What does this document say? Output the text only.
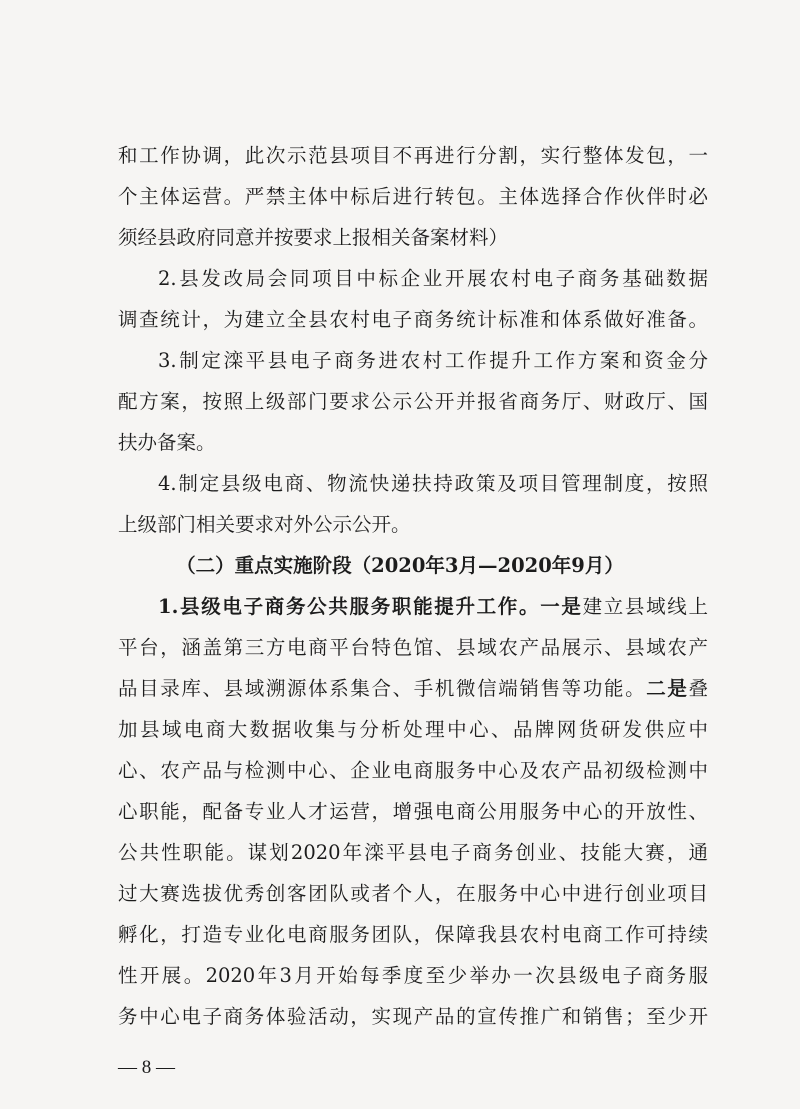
和工作协调，此次示范县项目不再进行分割，实行整体发包，一
个主体运营。严禁主体中标后进行转包。主体选择合作伙伴时必
须经县政府同意并按要求上报相关备案材料）
2.县发改局会同项目中标企业开展农村电子商务基础数据
调查统计，为建立全县农村电子商务统计标准和体系做好准备。
3.制定滦平县电子商务进农村工作提升工作方案和资金分
配方案，按照上级部门要求公示公开并报省商务厅、财政厅、国
扶办备案。
4.制定县级电商、物流快递扶持政策及项目管理制度，按照
上级部门相关要求对外公示公开。
（二）重点实施阶段（2020年3月—2020年9月）
1.县级电子商务公共服务职能提升工作。一是建立县域线上
平台，涵盖第三方电商平台特色馆、县域农产品展示、县域农产
品目录库、县域溯源体系集合、手机微信端销售等功能。二是叠
加县域电商大数据收集与分析处理中心、品牌网货研发供应中
心、农产品与检测中心、企业电商服务中心及农产品初级检测中
心职能，配备专业人才运营，增强电商公用服务中心的开放性、
公共性职能。谋划2020年滦平县电子商务创业、技能大赛，通
过大赛选拔优秀创客团队或者个人，在服务中心中进行创业项目
孵化，打造专业化电商服务团队，保障我县农村电商工作可持续
性开展。2020年3月开始每季度至少举办一次县级电子商务服
务中心电子商务体验活动，实现产品的宣传推广和销售；至少开
— 8 —
